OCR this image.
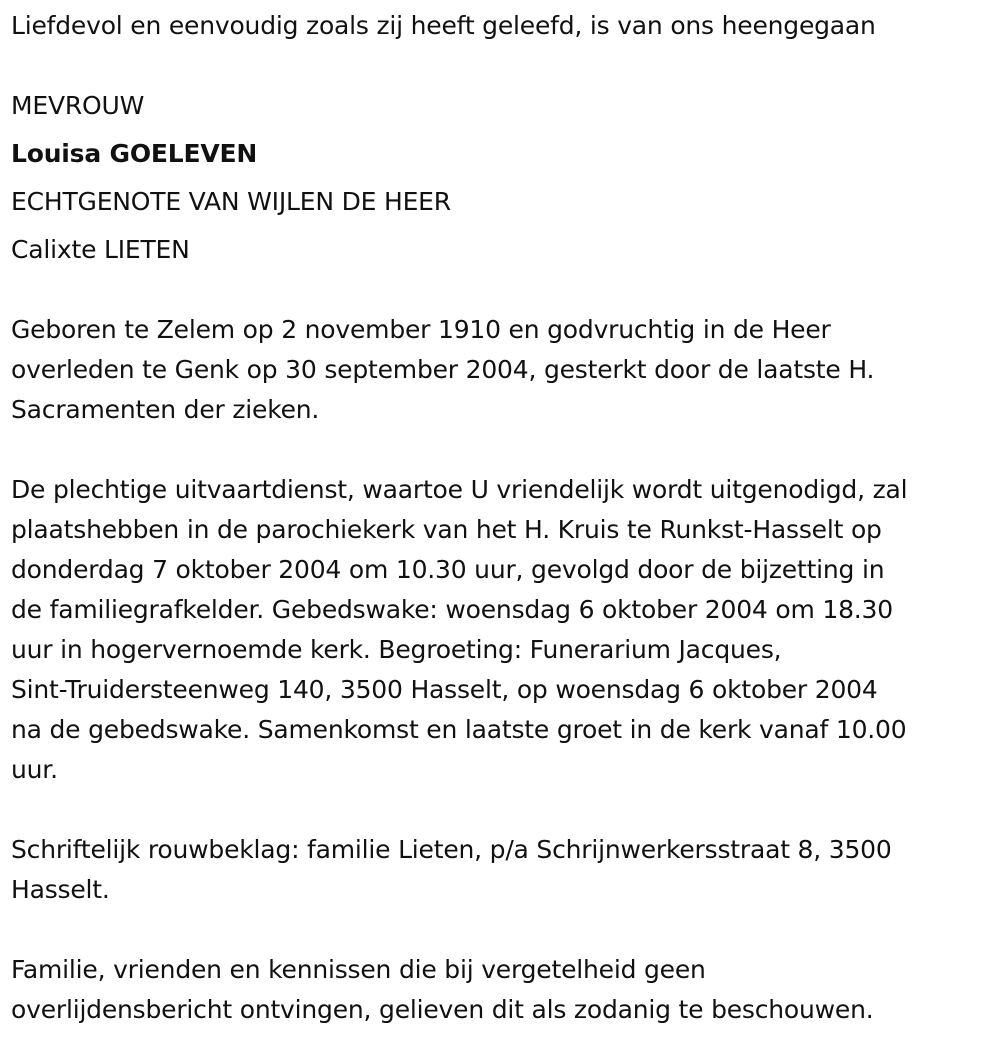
Liefdevol en eenvoudig zoals zij heeft geleefd, is van ons heengegaan

MEVROUW

Louisa GOELEVEN

ECHTGENOTE VAN WIJLEN DE HEER

Calixte LIETEN

Geboren te Zelem op 2 november 1910 en godvruchtig in de Heer

overleden te Genk op 30 september 2004, gesterkt door de laatste H.

Sacramenten der zieken.

De plechtige uitvaartdienst, waartoe U vriendelijk wordt uitgenodigd, zal

plaatshebben in de parochiekerk van het H. Kruis te Runkst-Hasselt op

donderdag 7 oktober 2004 om 10.30 uur, gevolgd door de bijzetting in

de familiegrafkelder. Gebedswake: woensdag 6 oktober 2004 om 18.30

uur in hogervernoemde kerk. Begroeting: Funerarium Jacques,

Sint-Truidersteenweg 140, 3500 Hasselt, op woensdag 6 oktober 2004

na de gebedswake. Samenkomst en laatste groet in de kerk vanaf 10.00

uur.

Schriftelijk rouwbeklag: familie Lieten, p/a Schrijnwerkersstraat 8, 3500

Hasselt.

Familie, vrienden en kennissen die bij vergetelheid geen

overlijdensbericht ontvingen, gelieven dit als zodanig te beschouwen.
